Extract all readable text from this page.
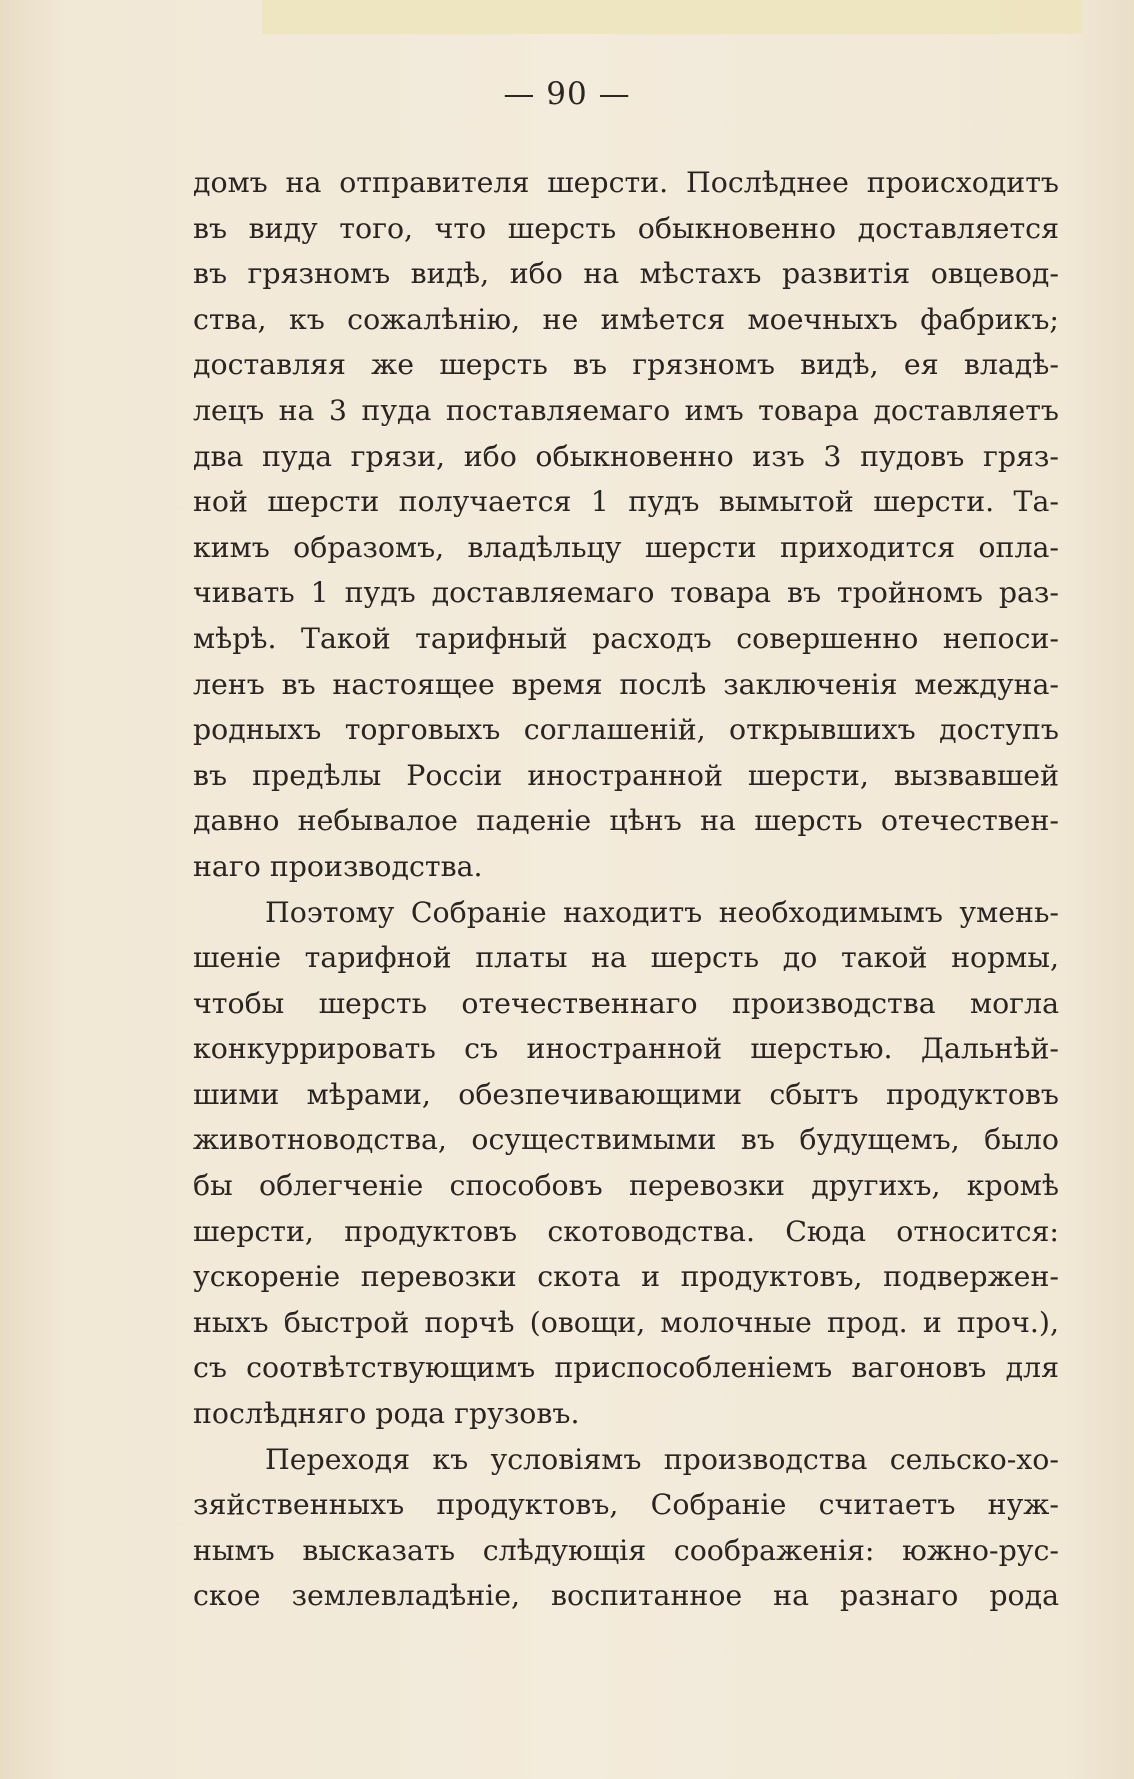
— 90 —
домъ на отправителя шерсти. Послѣднее происходитъ
въ виду того, что шерсть обыкновенно доставляется
въ грязномъ видѣ, ибо на мѣстахъ развитія овцевод-
ства, къ сожалѣнію, не имѣется моечныхъ фабрикъ;
доставляя же шерсть въ грязномъ видѣ, ея владѣ-
лецъ на 3 пуда поставляемаго имъ товара доставляетъ
два пуда грязи, ибо обыкновенно изъ 3 пудовъ гряз-
ной шерсти получается 1 пудъ вымытой шерсти. Та-
кимъ образомъ, владѣльцу шерсти приходится опла-
чивать 1 пудъ доставляемаго товара въ тройномъ раз-
мѣрѣ. Такой тарифный расходъ совершенно непоси-
ленъ въ настоящее время послѣ заключенія междуна-
родныхъ торговыхъ соглашеній, открывшихъ доступъ
въ предѣлы Россіи иностранной шерсти, вызвавшей
давно небывалое паденіе цѣнъ на шерсть отечествен-
наго производства.
Поэтому Собраніе находитъ необходимымъ умень-
шеніе тарифной платы на шерсть до такой нормы,
чтобы шерсть отечественнаго производства могла
конкуррировать съ иностранной шерстью. Дальнѣй-
шими мѣрами, обезпечивающими сбытъ продуктовъ
животноводства, осуществимыми въ будущемъ, было
бы облегченіе способовъ перевозки другихъ, кромѣ
шерсти, продуктовъ скотоводства. Сюда относится:
ускореніе перевозки скота и продуктовъ, подвержен-
ныхъ быстрой порчѣ (овощи, молочные прод. и проч.),
съ соотвѣтствующимъ приспособленіемъ вагоновъ для
послѣдняго рода грузовъ.
Переходя къ условіямъ производства сельско-хо-
зяйственныхъ продуктовъ, Собраніе считаетъ нуж-
нымъ высказать слѣдующія соображенія: южно-рус-
ское землевладѣніе, воспитанное на разнаго рода
